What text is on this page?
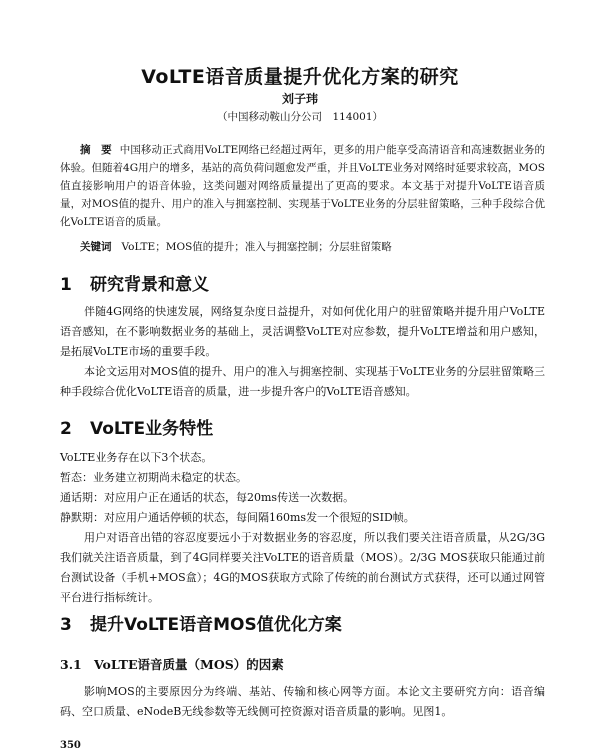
VoLTE语音质量提升优化方案的研究
刘子玮
（中国移动鞍山分公司　114001）

摘　要 中国移动正式商用VoLTE网络已经超过两年，更多的用户能享受高清语音和高速数据业务的体验。但随着4G用户的增多，基站的高负荷问题愈发严重，并且VoLTE业务对网络时延要求较高，MOS值直接影响用户的语音体验，这类问题对网络质量提出了更高的要求。本文基于对提升VoLTE语音质量，对MOS值的提升、用户的准入与拥塞控制、实现基于VoLTE业务的分层驻留策略，三种手段综合优化VoLTE语音的质量。

关键词 VoLTE；MOS值的提升；准入与拥塞控制；分层驻留策略
1 研究背景和意义

伴随4G网络的快速发展，网络复杂度日益提升，对如何优化用户的驻留策略并提升用户VoLTE语音感知，在不影响数据业务的基础上，灵活调整VoLTE对应参数，提升VoLTE增益和用户感知，是拓展VoLTE市场的重要手段。

本论文运用对MOS值的提升、用户的准入与拥塞控制、实现基于VoLTE业务的分层驻留策略三种手段综合优化VoLTE语音的质量，进一步提升客户的VoLTE语音感知。

2 VoLTE业务特性

VoLTE业务存在以下3个状态。

暂态：业务建立初期尚未稳定的状态。

通话期：对应用户正在通话的状态，每20ms传送一次数据。

静默期：对应用户通话停顿的状态，每间隔160ms发一个很短的SID帧。

用户对语音出错的容忍度要远小于对数据业务的容忍度，所以我们要关注语音质量，从2G/3G我们就关注语音质量，到了4G同样要关注VoLTE的语音质量（MOS）。2/3G MOS获取只能通过前台测试设备（手机+MOS盒）；4G的MOS获取方式除了传统的前台测试方式获得，还可以通过网管平台进行指标统计。

3 提升VoLTE语音MOS值优化方案
3.1 VoLTE语音质量（MOS）的因素

影响MOS的主要原因分为终端、基站、传输和核心网等方面。本论文主要研究方向：语音编码、空口质量、eNodeB无线参数等无线侧可控资源对语音质量的影响。见图1。

350
